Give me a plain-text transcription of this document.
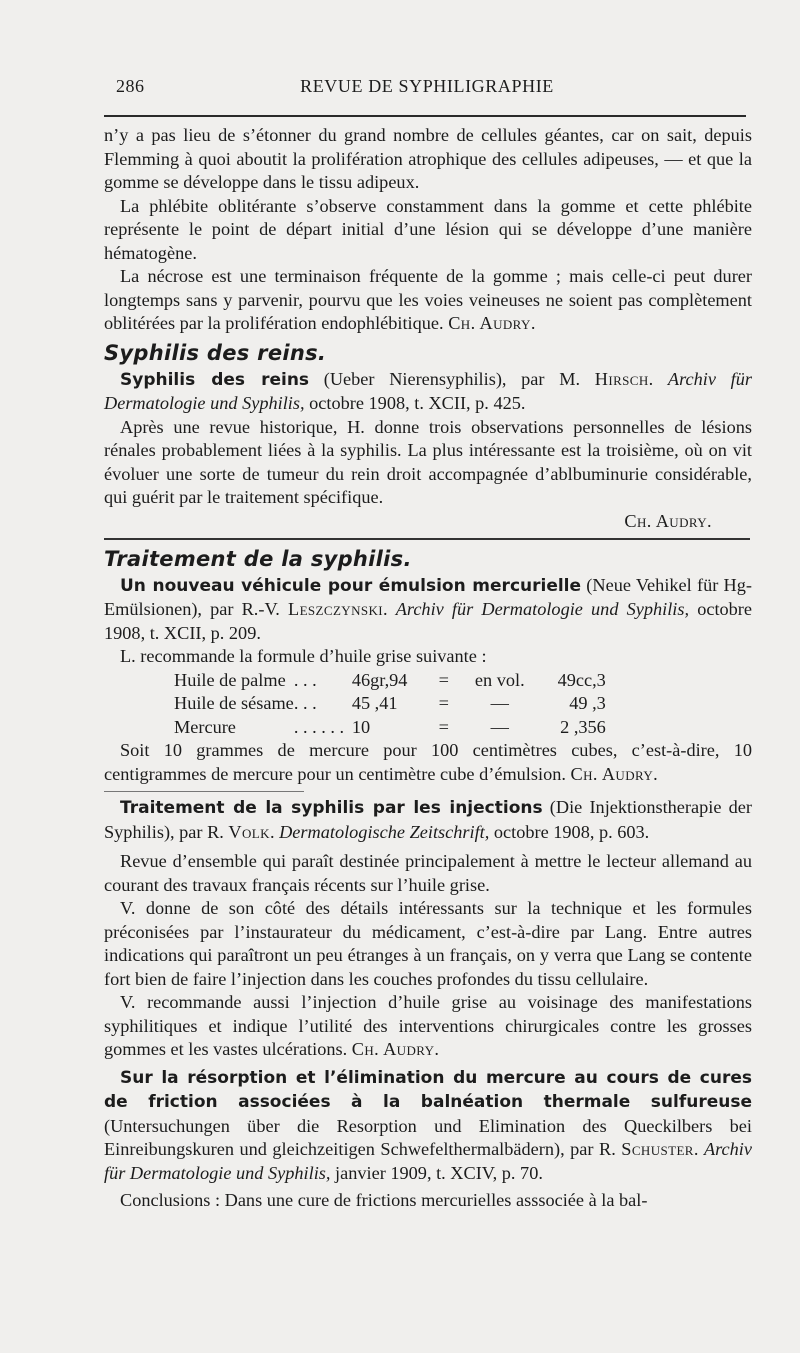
286	REVUE DE SYPHILIGRAPHIE

n’y a pas lieu de s’étonner du grand nombre de cellules géantes, car on sait, depuis Flemming à quoi aboutit la prolifération atrophique des cellules adipeuses, — et que la gomme se développe dans le tissu adipeux.

La phlébite oblitérante s’observe constamment dans la gomme et cette phlébite représente le point de départ initial d’une lésion qui se développe d’une manière hématogène.

La nécrose est une terminaison fréquente de la gomme ; mais celle-ci peut durer longtemps sans y parvenir, pourvu que les voies veineuses ne soient pas complètement oblitérées par la prolifération endophlébitique. Ch. Audry.

Syphilis des reins.

Syphilis des reins (Ueber Nierensyphilis), par M. Hirsch. Archiv für Dermatologie und Syphilis, octobre 1908, t. XCII, p. 425.

Après une revue historique, H. donne trois observations personnelles de lésions rénales probablement liées à la syphilis. La plus intéressante est la troisième, où on vit évoluer une sorte de tumeur du rein droit accompagnée d’ablbuminurie considérable, qui guérit par le traitement spécifique.

Ch. Audry.
Traitement de la syphilis.

Un nouveau véhicule pour émulsion mercurielle (Neue Vehikel für Hg-Emülsionen), par R.-V. Leszczynski. Archiv für Dermatologie und Syphilis, octobre 1908, t. XCII, p. 209.

L. recommande la formule d’huile grise suivante :

Huile de palme	. . .	46gr,94	=	en vol.	49cc,3
Huile de sésame	. . .	45 ,41	=	—	49 ,3
Mercure	. . . . . .	10	=	—	2 ,356

Soit 10 grammes de mercure pour 100 centimètres cubes, c’est-à-dire, 10 centigrammes de mercure pour un centimètre cube d’émulsion. Ch. Audry.

Traitement de la syphilis par les injections (Die Injektionstherapie der Syphilis), par R. Volk. Dermatologische Zeitschrift, octobre 1908, p. 603.

Revue d’ensemble qui paraît destinée principalement à mettre le lecteur allemand au courant des travaux français récents sur l’huile grise.

V. donne de son côté des détails intéressants sur la technique et les formules préconisées par l’instaurateur du médicament, c’est-à-dire par Lang. Entre autres indications qui paraîtront un peu étranges à un français, on y verra que Lang se contente fort bien de faire l’injection dans les couches profondes du tissu cellulaire.

V. recommande aussi l’injection d’huile grise au voisinage des manifestations syphilitiques et indique l’utilité des interventions chirurgicales contre les grosses gommes et les vastes ulcérations. Ch. Audry.

Sur la résorption et l’élimination du mercure au cours de cures de friction associées à la balnéation thermale sulfureuse (Untersuchungen über die Resorption und Elimination des Queckilbers bei Einreibungskuren und gleichzeitigen Schwefelthermalbädern), par R. Schuster. Archiv für Dermatologie und Syphilis, janvier 1909, t. XCIV, p. 70.

Conclusions : Dans une cure de frictions mercurielles asssociée à la bal-
